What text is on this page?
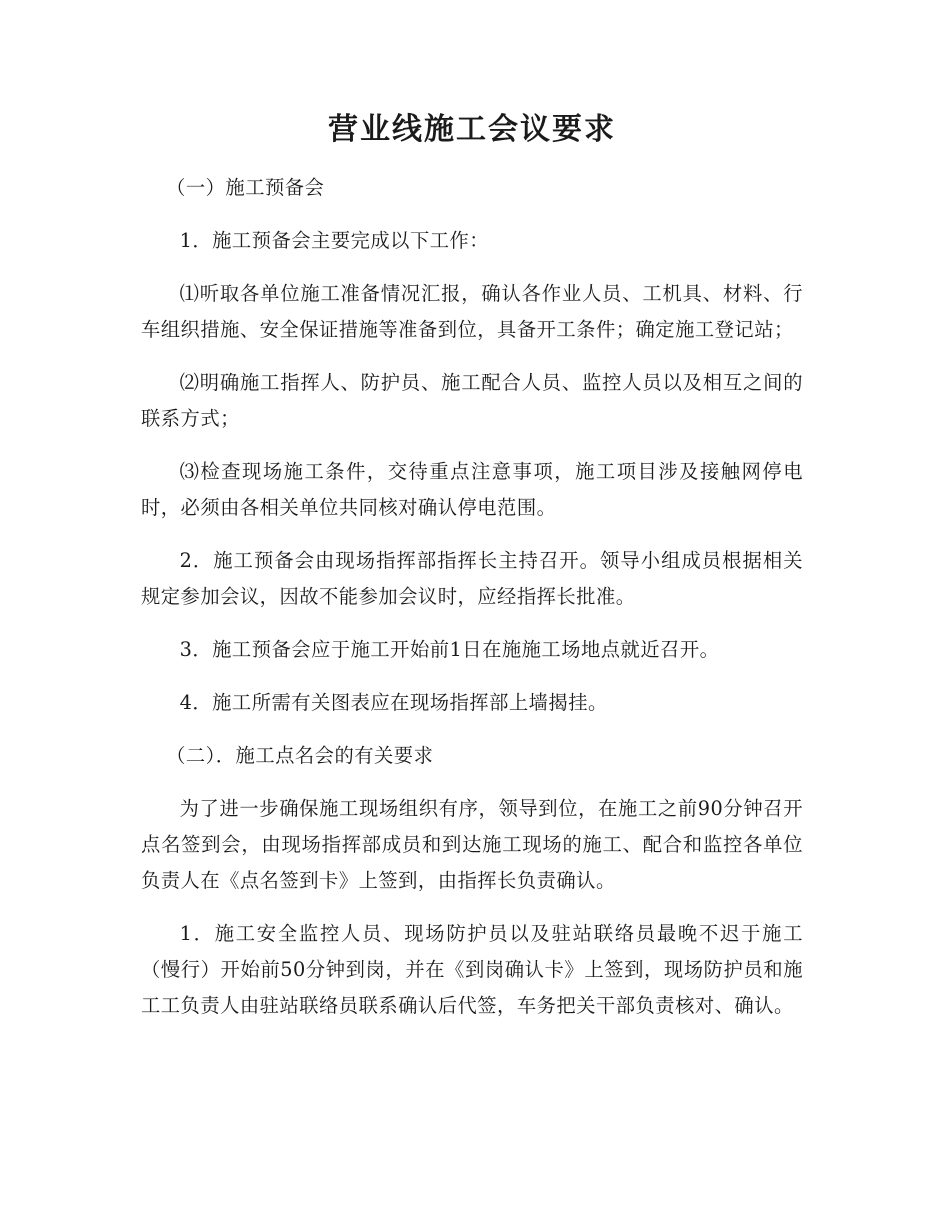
营业线施工会议要求

（一）施工预备会

1．施工预备会主要完成以下工作：

⑴听取各单位施工准备情况汇报，确认各作业人员、工机具、材料、行车组织措施、安全保证措施等准备到位，具备开工条件；确定施工登记站；

⑵明确施工指挥人、防护员、施工配合人员、监控人员以及相互之间的联系方式；

⑶检查现场施工条件，交待重点注意事项，施工项目涉及接触网停电时，必须由各相关单位共同核对确认停电范围。

2．施工预备会由现场指挥部指挥长主持召开。领导小组成员根据相关规定参加会议，因故不能参加会议时，应经指挥长批准。

3．施工预备会应于施工开始前1日在施施工场地点就近召开。

4．施工所需有关图表应在现场指挥部上墙揭挂。

（二）．施工点名会的有关要求

为了进一步确保施工现场组织有序，领导到位，在施工之前90分钟召开点名签到会，由现场指挥部成员和到达施工现场的施工、配合和监控各单位负责人在《点名签到卡》上签到，由指挥长负责确认。

1．施工安全监控人员、现场防护员以及驻站联络员最晚不迟于施工（慢行）开始前50分钟到岗，并在《到岗确认卡》上签到，现场防护员和施工工负责人由驻站联络员联系确认后代签，车务把关干部负责核对、确认。
